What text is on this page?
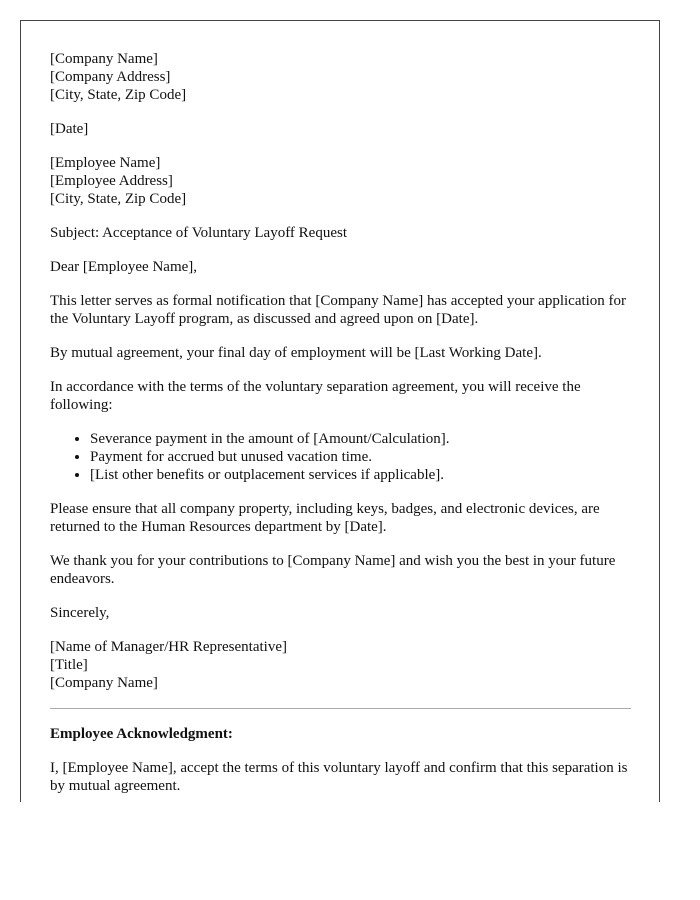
[Company Name]
[Company Address]
[City, State, Zip Code]

[Date]

[Employee Name]
[Employee Address]
[City, State, Zip Code]

Subject: Acceptance of Voluntary Layoff Request

Dear [Employee Name],

This letter serves as formal notification that [Company Name] has accepted your application for the Voluntary Layoff program, as discussed and agreed upon on [Date].

By mutual agreement, your final day of employment will be [Last Working Date].

In accordance with the terms of the voluntary separation agreement, you will receive the following:

• Severance payment in the amount of [Amount/Calculation].
• Payment for accrued but unused vacation time.
• [List other benefits or outplacement services if applicable].

Please ensure that all company property, including keys, badges, and electronic devices, are returned to the Human Resources department by [Date].

We thank you for your contributions to [Company Name] and wish you the best in your future endeavors.

Sincerely,

[Name of Manager/HR Representative]
[Title]
[Company Name]

Employee Acknowledgment:

I, [Employee Name], accept the terms of this voluntary layoff and confirm that this separation is by mutual agreement.
